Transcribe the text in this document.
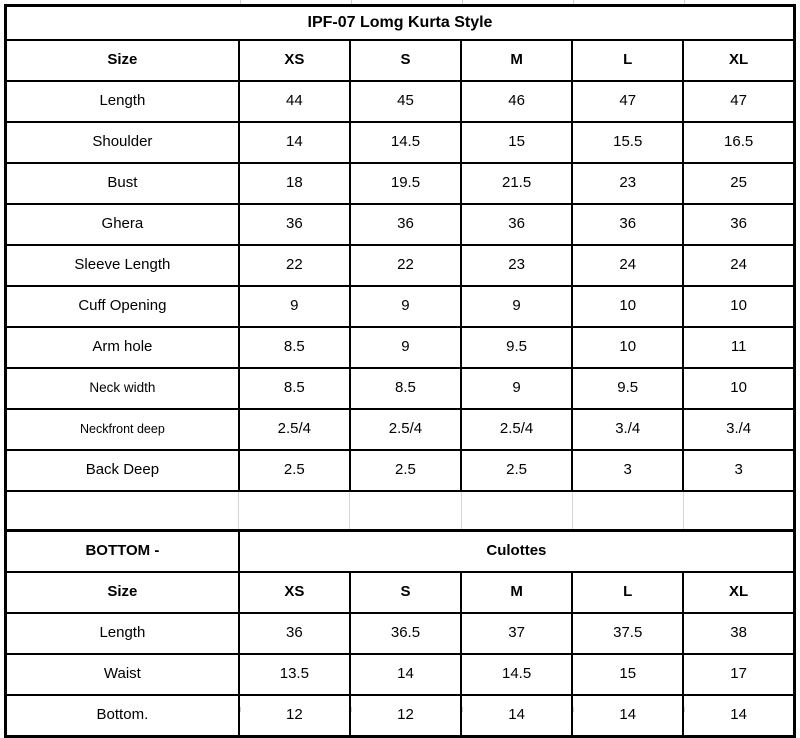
IPF-07 Lomg Kurta Style					
Size	XS	S	M	L	XL
Length	44	45	46	47	47
Shoulder	14	14.5	15	15.5	16.5
Bust	18	19.5	21.5	23	25
Ghera	36	36	36	36	36
Sleeve Length	22	22	23	24	24
Cuff Opening	9	9	9	10	10
Arm hole	8.5	9	9.5	10	11
Neck width	8.5	8.5	9	9.5	10
Neckfront deep	2.5/4	2.5/4	2.5/4	3./4	3./4
Back Deep	2.5	2.5	2.5	3	3

BOTTOM -	Culottes				
Size	XS	S	M	L	XL
Length	36	36.5	37	37.5	38
Waist	13.5	14	14.5	15	17
Bottom.	12	12	14	14	14
